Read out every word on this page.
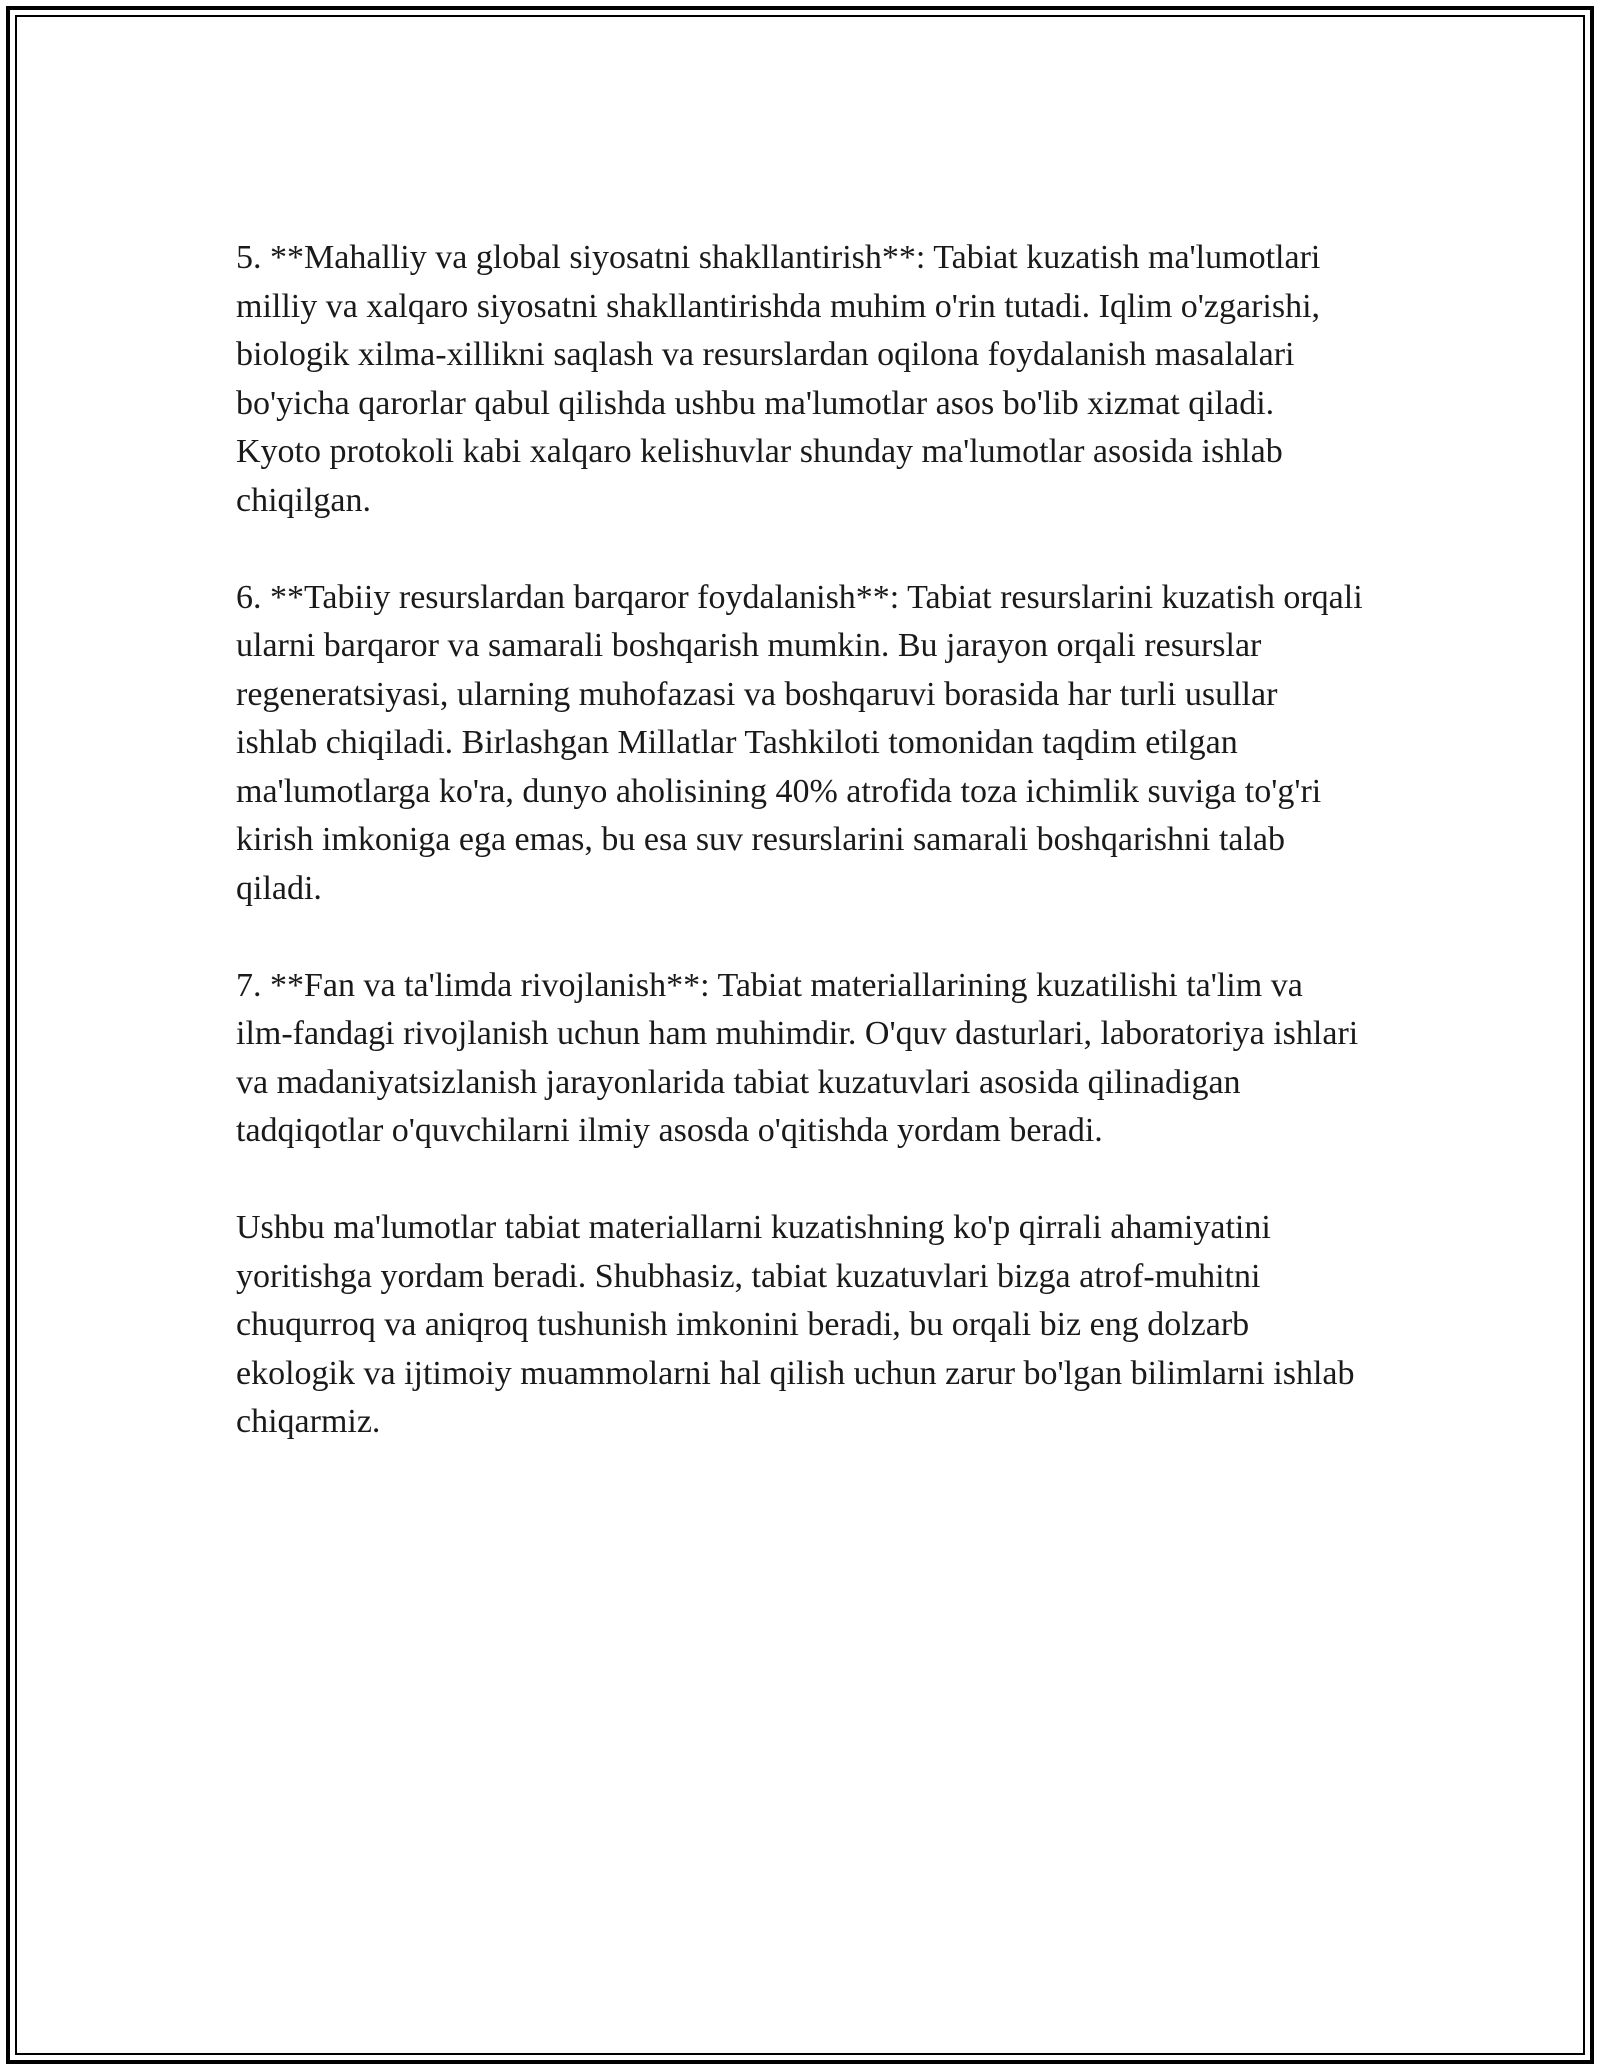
5. **Mahalliy va global siyosatni shakllantirish**: Tabiat kuzatish ma'lumotlari milliy va xalqaro siyosatni shakllantirishda muhim o'rin tutadi. Iqlim o'zgarishi, biologik xilma-xillikni saqlash va resurslardan oqilona foydalanish masalalari bo'yicha qarorlar qabul qilishda ushbu ma'lumotlar asos bo'lib xizmat qiladi. Kyoto protokoli kabi xalqaro kelishuvlar shunday ma'lumotlar asosida ishlab chiqilgan.

6. **Tabiiy resurslardan barqaror foydalanish**: Tabiat resurslarini kuzatish orqali ularni barqaror va samarali boshqarish mumkin. Bu jarayon orqali resurslar regeneratsiyasi, ularning muhofazasi va boshqaruvi borasida har turli usullar ishlab chiqiladi. Birlashgan Millatlar Tashkiloti tomonidan taqdim etilgan ma'lumotlarga ko'ra, dunyo aholisining 40% atrofida toza ichimlik suviga to'g'ri kirish imkoniga ega emas, bu esa suv resurslarini samarali boshqarishni talab qiladi.

7. **Fan va ta'limda rivojlanish**: Tabiat materiallarining kuzatilishi ta'lim va ilm-fandagi rivojlanish uchun ham muhimdir. O'quv dasturlari, laboratoriya ishlari va madaniyatsizlanish jarayonlarida tabiat kuzatuvlari asosida qilinadigan tadqiqotlar o'quvchilarni ilmiy asosda o'qitishda yordam beradi.

Ushbu ma'lumotlar tabiat materiallarni kuzatishning ko'p qirrali ahamiyatini yoritishga yordam beradi. Shubhasiz, tabiat kuzatuvlari bizga atrof-muhitni chuqurroq va aniqroq tushunish imkonini beradi, bu orqali biz eng dolzarb ekologik va ijtimoiy muammolarni hal qilish uchun zarur bo'lgan bilimlarni ishlab chiqarmiz.
